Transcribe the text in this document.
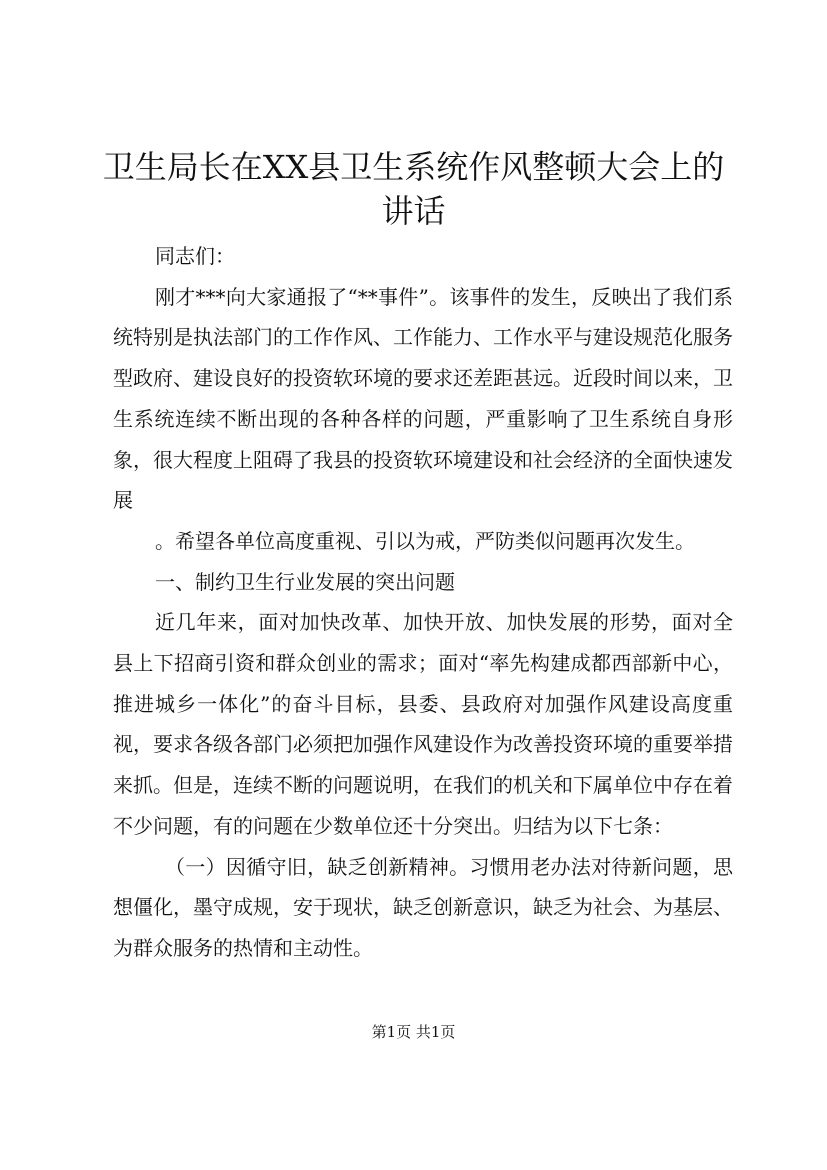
卫生局长在XX县卫生系统作风整顿大会上的
讲话

同志们：

刚才***向大家通报了“**事件”。该事件的发生，反映出了我们系统特别是执法部门的工作作风、工作能力、工作水平与建设规范化服务型政府、建设良好的投资软环境的要求还差距甚远。近段时间以来，卫生系统连续不断出现的各种各样的问题，严重影响了卫生系统自身形象，很大程度上阻碍了我县的投资软环境建设和社会经济的全面快速发展

。希望各单位高度重视、引以为戒，严防类似问题再次发生。

一、制约卫生行业发展的突出问题

近几年来，面对加快改革、加快开放、加快发展的形势，面对全县上下招商引资和群众创业的需求；面对“率先构建成都西部新中心，推进城乡一体化”的奋斗目标，县委、县政府对加强作风建设高度重视，要求各级各部门必须把加强作风建设作为改善投资环境的重要举措来抓。但是，连续不断的问题说明，在我们的机关和下属单位中存在着不少问题，有的问题在少数单位还十分突出。归结为以下七条：

（一）因循守旧，缺乏创新精神。习惯用老办法对待新问题，思想僵化，墨守成规，安于现状，缺乏创新意识，缺乏为社会、为基层、为群众服务的热情和主动性。

第1页 共1页
